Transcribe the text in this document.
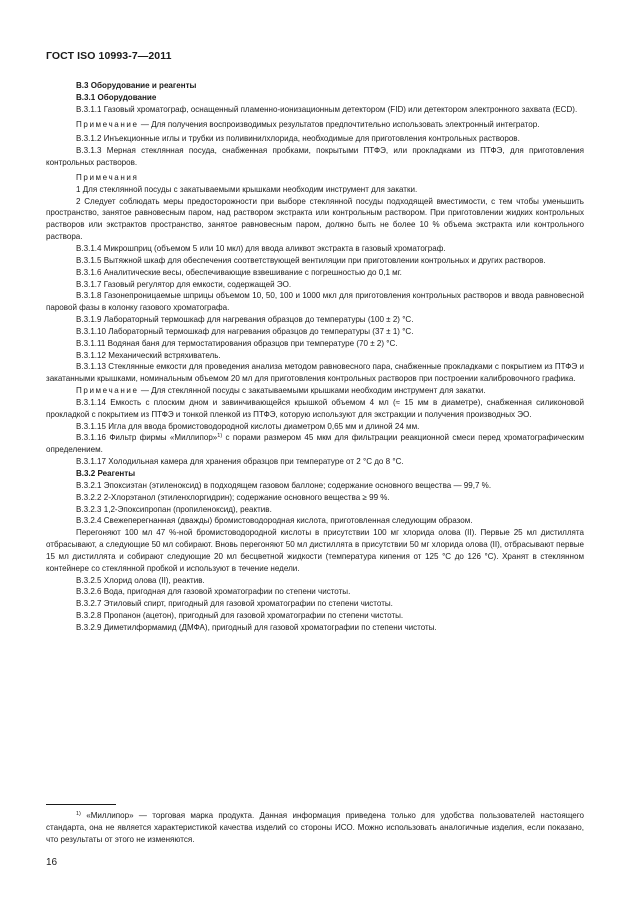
ГОСТ ISO 10993-7—2011

В.3 Оборудование и реагенты

В.3.1 Оборудование

В.3.1.1 Газовый хроматограф, оснащенный пламенно-ионизационным детектором (FID) или детектором электронного захвата (ECD).

Примечание — Для получения воспроизводимых результатов предпочтительно использовать электронный интегратор.

В.3.1.2 Инъекционные иглы и трубки из поливинилхлорида, необходимые для приготовления контрольных растворов.

В.3.1.3 Мерная стеклянная посуда, снабженная пробками, покрытыми ПТФЭ, или прокладками из ПТФЭ, для приготовления контрольных растворов.

Примечания

1 Для стеклянной посуды с закатываемыми крышками необходим инструмент для закатки.

2 Следует соблюдать меры предосторожности при выборе стеклянной посуды подходящей вместимости, с тем чтобы уменьшить пространство, занятое равновесным паром, над раствором экстракта или контрольным раствором. При приготовлении жидких контрольных растворов или экстрактов пространство, занятое равновесным паром, должно быть не более 10 % объема экстракта или контрольного раствора.

В.3.1.4 Микрошприц (объемом 5 или 10 мкл) для ввода аликвот экстракта в газовый хроматограф.

В.3.1.5 Вытяжной шкаф для обеспечения соответствующей вентиляции при приготовлении контрольных и других растворов.

В.3.1.6 Аналитические весы, обеспечивающие взвешивание с погрешностью до 0,1 мг.

В.3.1.7 Газовый регулятор для емкости, содержащей ЭО.

В.3.1.8 Газонепроницаемые шприцы объемом 10, 50, 100 и 1000 мкл для приготовления контрольных растворов и ввода равновесной паровой фазы в колонку газового хроматографа.

В.3.1.9 Лабораторный термошкаф для нагревания образцов до температуры (100 ± 2) °С.

В.3.1.10 Лабораторный термошкаф для нагревания образцов до температуры (37 ± 1) °С.

В.3.1.11 Водяная баня для термостатирования образцов при температуре (70 ± 2) °С.

В.3.1.12 Механический встряхиватель.

В.3.1.13 Стеклянные емкости для проведения анализа методом равновесного пара, снабженные прокладками с покрытием из ПТФЭ и закатанными крышками, номинальным объемом 20 мл для приготовления контрольных растворов при построении калибровочного графика.

Примечание — Для стеклянной посуды с закатываемыми крышками необходим инструмент для закатки.

В.3.1.14 Емкость с плоским дном и завинчивающейся крышкой объемом 4 мл (≈ 15 мм в диаметре), снабженная силиконовой прокладкой с покрытием из ПТФЭ и тонкой пленкой из ПТФЭ, которую используют для экстракции и получения производных ЭО.

В.3.1.15 Игла для ввода бромистоводородной кислоты диаметром 0,65 мм и длиной 24 мм.

В.3.1.16 Фильтр фирмы «Миллипор»$^{1)}$ с порами размером 45 мкм для фильтрации реакционной смеси перед хроматографическим определением.

В.3.1.17 Холодильная камера для хранения образцов при температуре от 2 °С до 8 °С.

В.3.2 Реагенты

В.3.2.1 Эпоксиэтан (этиленоксид) в подходящем газовом баллоне; содержание основного вещества — 99,7 %.

В.3.2.2 2-Хлорэтанол (этиленхлоргидрин); содержание основного вещества ≥ 99 %.

В.3.2.3 1,2-Эпоксипропан (пропиленоксид), реактив.

В.3.2.4 Свежеперегнанная (дважды) бромистоводородная кислота, приготовленная следующим образом.

Перегоняют 100 мл 47 %-ной бромистоводородной кислоты в присутствии 100 мг хлорида олова (II). Первые 25 мл дистиллята отбрасывают, а следующие 50 мл собирают. Вновь перегоняют 50 мл дистиллята в присутствии 50 мг хлорида олова (II), отбрасывают первые 15 мл дистиллята и собирают следующие 20 мл бесцветной жидкости (температура кипения от 125 °С до 126 °С). Хранят в стеклянном контейнере со стеклянной пробкой и используют в течение недели.

В.3.2.5 Хлорид олова (II), реактив.

В.3.2.6 Вода, пригодная для газовой хроматографии по степени чистоты.

В.3.2.7 Этиловый спирт, пригодный для газовой хроматографии по степени чистоты.

В.3.2.8 Пропанон (ацетон), пригодный для газовой хроматографии по степени чистоты.

В.3.2.9 Диметилформамид (ДМФА), пригодный для газовой хроматографии по степени чистоты.

$^{1)}$ «Миллипор» — торговая марка продукта. Данная информация приведена только для удобства пользователей настоящего стандарта, она не является характеристикой качества изделий со стороны ИСО. Можно использовать аналогичные изделия, если показано, что результаты от этого не изменяются.

16
